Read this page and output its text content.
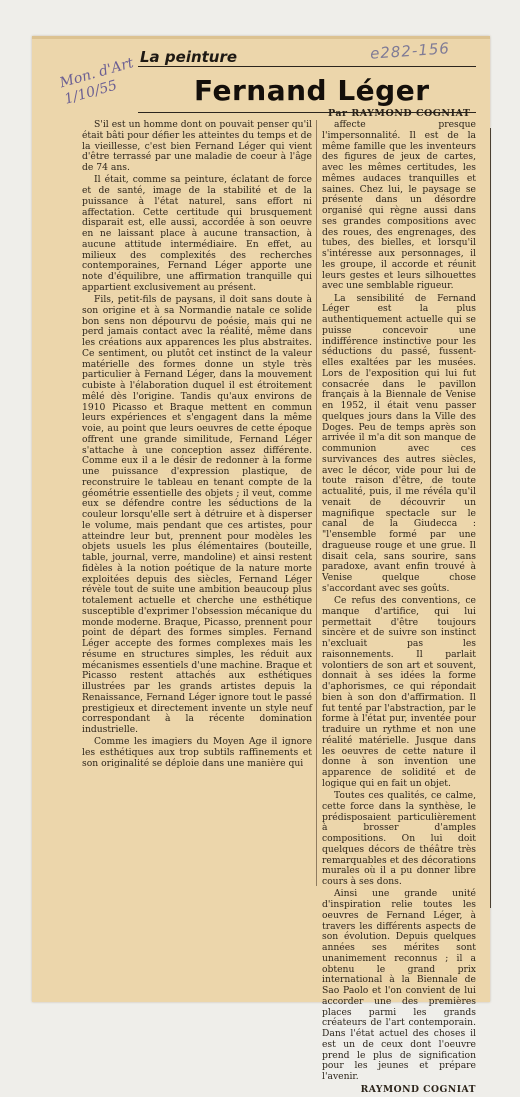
e282-156
Mon. d'Art
1/10/55
La peinture
Fernand Léger
Par RAYMOND COGNIAT

S'il est un homme dont on pouvait penser qu'il était bâti pour défier les atteintes du temps et de la vieillesse, c'est bien Fernand Léger qui vient d'être terrassé par une maladie de coeur à l'âge de 74 ans.

Il était, comme sa peinture, éclatant de force et de santé, image de la stabilité et de la puissance à l'état naturel, sans effort ni affectation. Cette certitude qui brusquement disparait est, elle aussi, accordée à son oeuvre en ne laissant place à aucune transaction, à aucune attitude intermédiaire. En effet, au milieux des complexités des recherches contemporaines, Fernand Léger apporte une note d'équilibre, une affirmation tranquille qui appartient exclusivement au présent.

Fils, petit-fils de paysans, il doit sans doute à son origine et à sa Normandie natale ce solide bon sens non dépourvu de poésie, mais qui ne perd jamais contact avec la réalité, même dans les créations aux apparences les plus abstraites. Ce sentiment, ou plutôt cet instinct de la valeur matérielle des formes donne un style très particulier à Fernand Léger, dans la mouvement cubiste à l'élaboration duquel il est étroitement mêlé dès l'origine. Tandis qu'aux environs de 1910 Picasso et Braque mettent en commun leurs expériences et s'engagent dans la même voie, au point que leurs oeuvres de cette époque offrent une grande similitude, Fernand Léger s'attache à une conception assez différente. Comme eux il a le désir de redonner à la forme une puissance d'expression plastique, de reconstruire le tableau en tenant compte de la géométrie essentielle des objets ; il veut, comme eux se défendre contre les séductions de la couleur lorsqu'elle sert à détruire et à disperser le volume, mais pendant que ces artistes, pour atteindre leur but, prennent pour modèles les objets usuels les plus élémentaires (bouteille, table, journal, verre, mandoline) et ainsi restent fidèles à la notion poétique de la nature morte exploitées depuis des siècles, Fernand Léger révèle tout de suite une ambition beaucoup plus totalement actuelle et cherche une esthétique susceptible d'exprimer l'obsession mécanique du monde moderne. Braque, Picasso, prennent pour point de départ des formes simples. Fernand Léger accepte des formes complexes mais les résume en structures simples, les réduit aux mécanismes essentiels d'une machine. Braque et Picasso restent attachés aux esthétiques illustrées par les grands artistes depuis la Renaissance, Fernand Léger ignore tout le passé prestigieux et directement invente un style neuf correspondant à la récente domination industrielle.

Comme les imagiers du Moyen Age il ignore les esthétiques aux trop subtils raffinements et son originalité se déploie dans une manière qui

affecte presque l'impersonnalité. Il est de la même famille que les inventeurs des figures de jeux de cartes, avec les mêmes certitudes, les mêmes audaces tranquilles et saines. Chez lui, le paysage se présente dans un désordre organisé qui règne aussi dans ses grandes compositions avec des roues, des engrenages, des tubes, des bielles, et lorsqu'il s'intéresse aux personnages, il les groupe, il accorde et réunit leurs gestes et leurs silhouettes avec une semblable rigueur.

La sensibilité de Fernand Léger est la plus authentiquement actuelle qui se puisse concevoir une indifférence instinctive pour les séductions du passé, fussent-elles exaltées par les musées. Lors de l'exposition qui lui fut consacrée dans le pavillon français à la Biennale de Venise en 1952, il était venu passer quelques jours dans la Ville des Doges. Peu de temps après son arrivée il m'a dit son manque de communion avec ces survivances des autres siècles, avec le décor, vide pour lui de toute raison d'être, de toute actualité, puis, il me révéla qu'il venait de découvrir un magnifique spectacle sur le canal de la Giudecca : "l'ensemble formé par une dragueuse rouge et une grue. Il disait cela, sans sourire, sans paradoxe, avant enfin trouvé à Venise quelque chose s'accordant avec ses goûts.

Ce refus des conventions, ce manque d'artifice, qui lui permettait d'être toujours sincère et de suivre son instinct n'excluait pas les raisonnements. Il parlait volontiers de son art et souvent, donnait à ses idées la forme d'aphorismes, ce qui répondait bien à son don d'affirmation. Il fut tenté par l'abstraction, par le forme à l'état pur, inventée pour traduire un rythme et non une réalité matérielle. Jusque dans les oeuvres de cette nature il donne à son invention une apparence de solidité et de logique qui en fait un objet.

Toutes ces qualités, ce calme, cette force dans la synthèse, le prédisposaient particulièrement à brosser d'amples compositions. On lui doit quelques décors de théâtre très remarquables et des décorations murales où il a pu donner libre cours à ses dons.

Ainsi une grande unité d'inspiration relie toutes les oeuvres de Fernand Léger, à travers les différents aspects de son évolution. Depuis quelques années ses mérites sont unanimement reconnus ; il a obtenu le grand prix international à la Biennale de Sao Paolo et l'on convient de lui accorder une des premières places parmi les grands créateurs de l'art contemporain. Dans l'état actuel des choses il est un de ceux dont l'oeuvre prend le plus de signification pour les jeunes et prépare l'avenir.

RAYMOND COGNIAT
